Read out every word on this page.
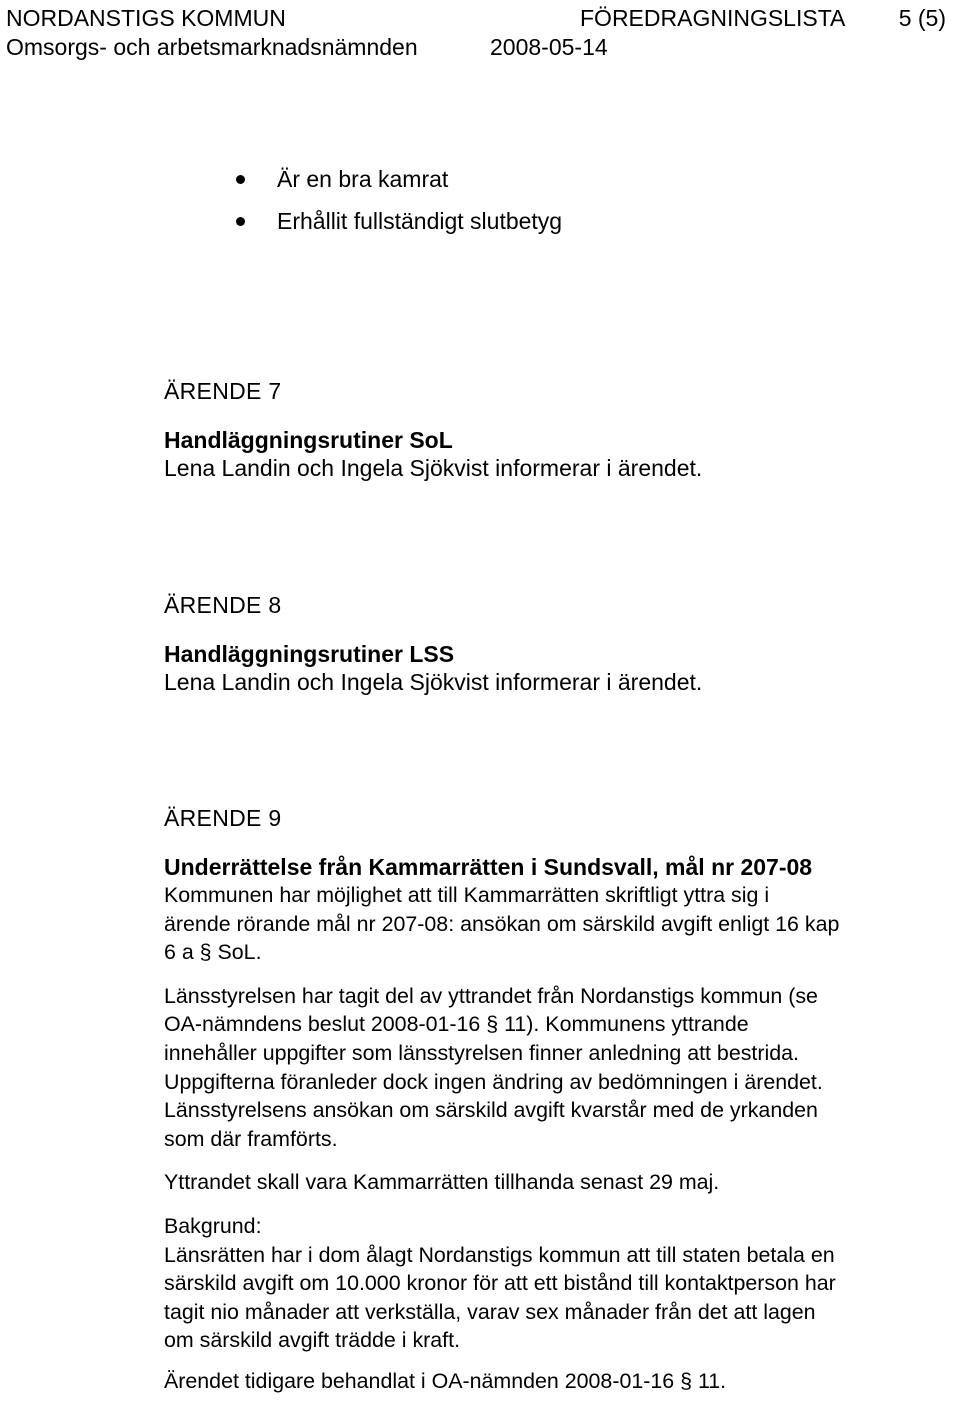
NORDANSTIGS KOMMUN	FÖREDRAGNINGSLISTA 5 (5)
Omsorgs- och arbetsmarknadsnämnden	2008-05-14
Är en bra kamrat
Erhållit fullständigt slutbetyg
ÄRENDE 7
Handläggningsrutiner SoL
Lena Landin och Ingela Sjökvist informerar i ärendet.
ÄRENDE 8
Handläggningsrutiner LSS
Lena Landin och Ingela Sjökvist informerar i ärendet.
ÄRENDE 9
Underrättelse från Kammarrätten i Sundsvall, mål nr 207-08

Kommunen har möjlighet att till Kammarrätten skriftligt yttra sig i

ärende rörande mål nr 207-08: ansökan om särskild avgift enligt 16 kap

6 a § SoL.

Länsstyrelsen har tagit del av yttrandet från Nordanstigs kommun (se

OA-nämndens beslut 2008-01-16 § 11). Kommunens yttrande

innehåller uppgifter som länsstyrelsen finner anledning att bestrida.

Uppgifterna föranleder dock ingen ändring av bedömningen i ärendet.

Länsstyrelsens ansökan om särskild avgift kvarstår med de yrkanden

som där framförts.

Yttrandet skall vara Kammarrätten tillhanda senast 29 maj.

Bakgrund:

Länsrätten har i dom ålagt Nordanstigs kommun att till staten betala en

särskild avgift om 10.000 kronor för att ett bistånd till kontaktperson har

tagit nio månader att verkställa, varav sex månader från det att lagen

om särskild avgift trädde i kraft.

Ärendet tidigare behandlat i OA-nämnden 2008-01-16 § 11.
